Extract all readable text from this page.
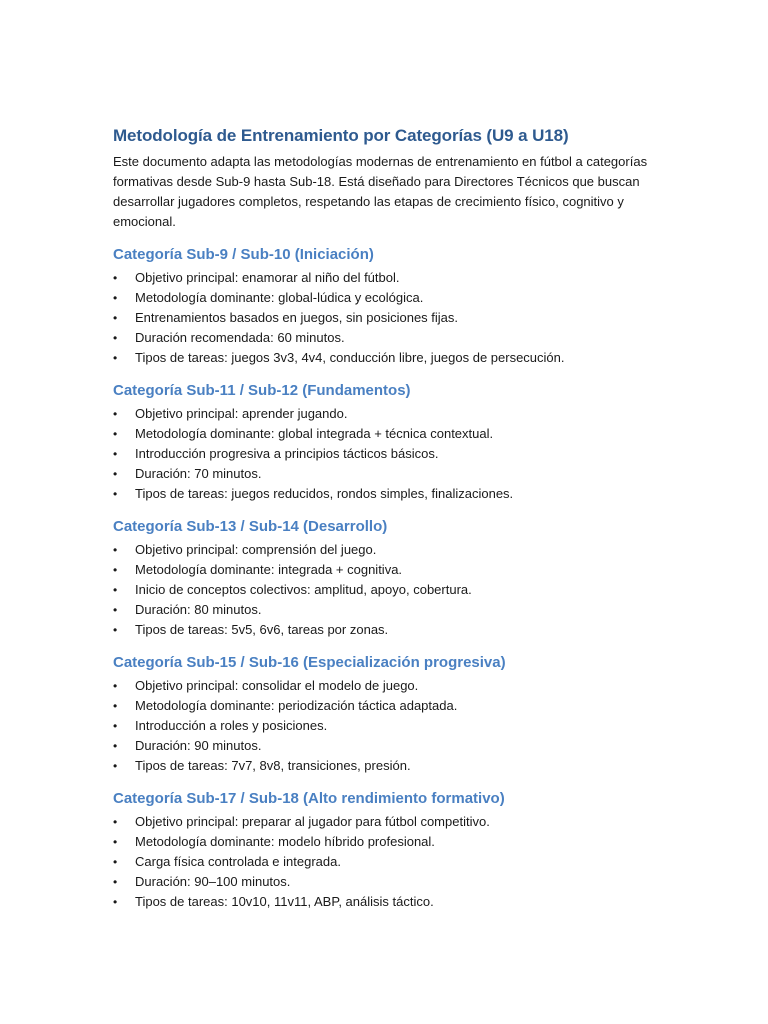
Metodología de Entrenamiento por Categorías (U9 a U18)

Este documento adapta las metodologías modernas de entrenamiento en fútbol a categorías formativas desde Sub-9 hasta Sub-18. Está diseñado para Directores Técnicos que buscan desarrollar jugadores completos, respetando las etapas de crecimiento físico, cognitivo y emocional.

Categoría Sub-9 / Sub-10 (Iniciación)
•	Objetivo principal: enamorar al niño del fútbol.
•	Metodología dominante: global-lúdica y ecológica.
•	Entrenamientos basados en juegos, sin posiciones fijas.
•	Duración recomendada: 60 minutos.
•	Tipos de tareas: juegos 3v3, 4v4, conducción libre, juegos de persecución.
Categoría Sub-11 / Sub-12 (Fundamentos)
•	Objetivo principal: aprender jugando.
•	Metodología dominante: global integrada + técnica contextual.
•	Introducción progresiva a principios tácticos básicos.
•	Duración: 70 minutos.
•	Tipos de tareas: juegos reducidos, rondos simples, finalizaciones.
Categoría Sub-13 / Sub-14 (Desarrollo)
•	Objetivo principal: comprensión del juego.
•	Metodología dominante: integrada + cognitiva.
•	Inicio de conceptos colectivos: amplitud, apoyo, cobertura.
•	Duración: 80 minutos.
•	Tipos de tareas: 5v5, 6v6, tareas por zonas.
Categoría Sub-15 / Sub-16 (Especialización progresiva)
•	Objetivo principal: consolidar el modelo de juego.
•	Metodología dominante: periodización táctica adaptada.
•	Introducción a roles y posiciones.
•	Duración: 90 minutos.
•	Tipos de tareas: 7v7, 8v8, transiciones, presión.
Categoría Sub-17 / Sub-18 (Alto rendimiento formativo)
•	Objetivo principal: preparar al jugador para fútbol competitivo.
•	Metodología dominante: modelo híbrido profesional.
•	Carga física controlada e integrada.
•	Duración: 90–100 minutos.
•	Tipos de tareas: 10v10, 11v11, ABP, análisis táctico.
